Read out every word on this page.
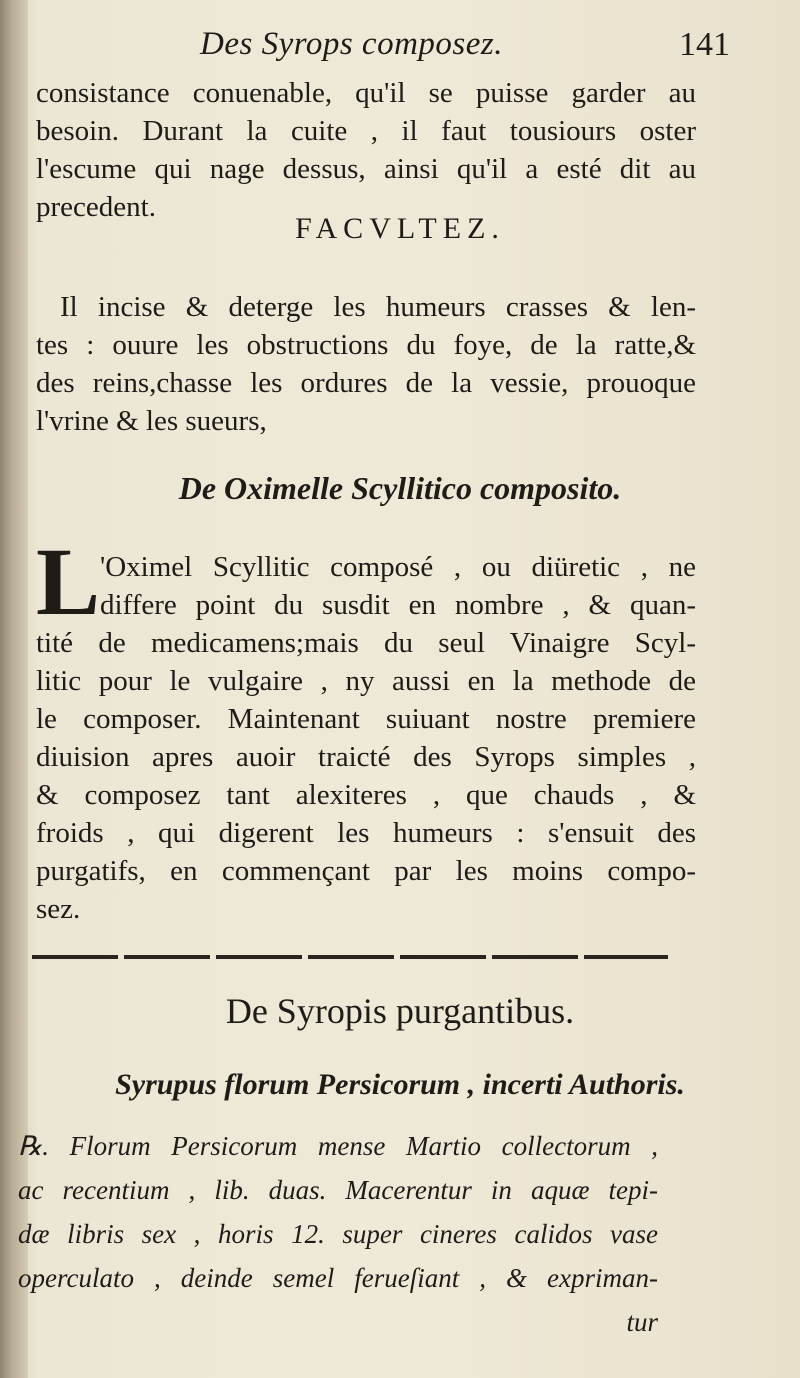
Des Syrops composez.	141
consistance conuenable, qu'il se puisse garder au
besoin. Durant la cuite , il faut tousiours oster
l'escume qui nage dessus, ainsi qu'il a esté dit au
precedent.
FACVLTEZ.
Il incise & deterge les humeurs crasses & len-
tes : ouure les obstructions du foye, de la ratte,&
des reins,chasse les ordures de la vessie, prouoque
l'vrine & les sueurs,
De Oximelle Scyllitico composito.
L 'Oximel Scyllitic composé , ou diüretic , ne
differe point du susdit en nombre , & quan-
tité de medicamens;mais du seul Vinaigre Scyl-
litic pour le vulgaire , ny aussi en la methode de
le composer. Maintenant suiuant nostre premiere
diuision apres auoir traicté des Syrops simples ,
& composez tant alexiteres , que chauds , &
froids , qui digerent les humeurs : s'ensuit des
purgatifs, en commençant par les moins compo-
sez.
De Syropis purgantibus.
Syrupus florum Persicorum , incerti Authoris.
℞. Florum Persicorum mense Martio collectorum ,
ac recentium , lib. duas. Macerentur in aquæ tepi-
dæ libris sex , horis 12. super cineres calidos vase
operculato , deinde semel ferueſiant , & expriman-
tur
